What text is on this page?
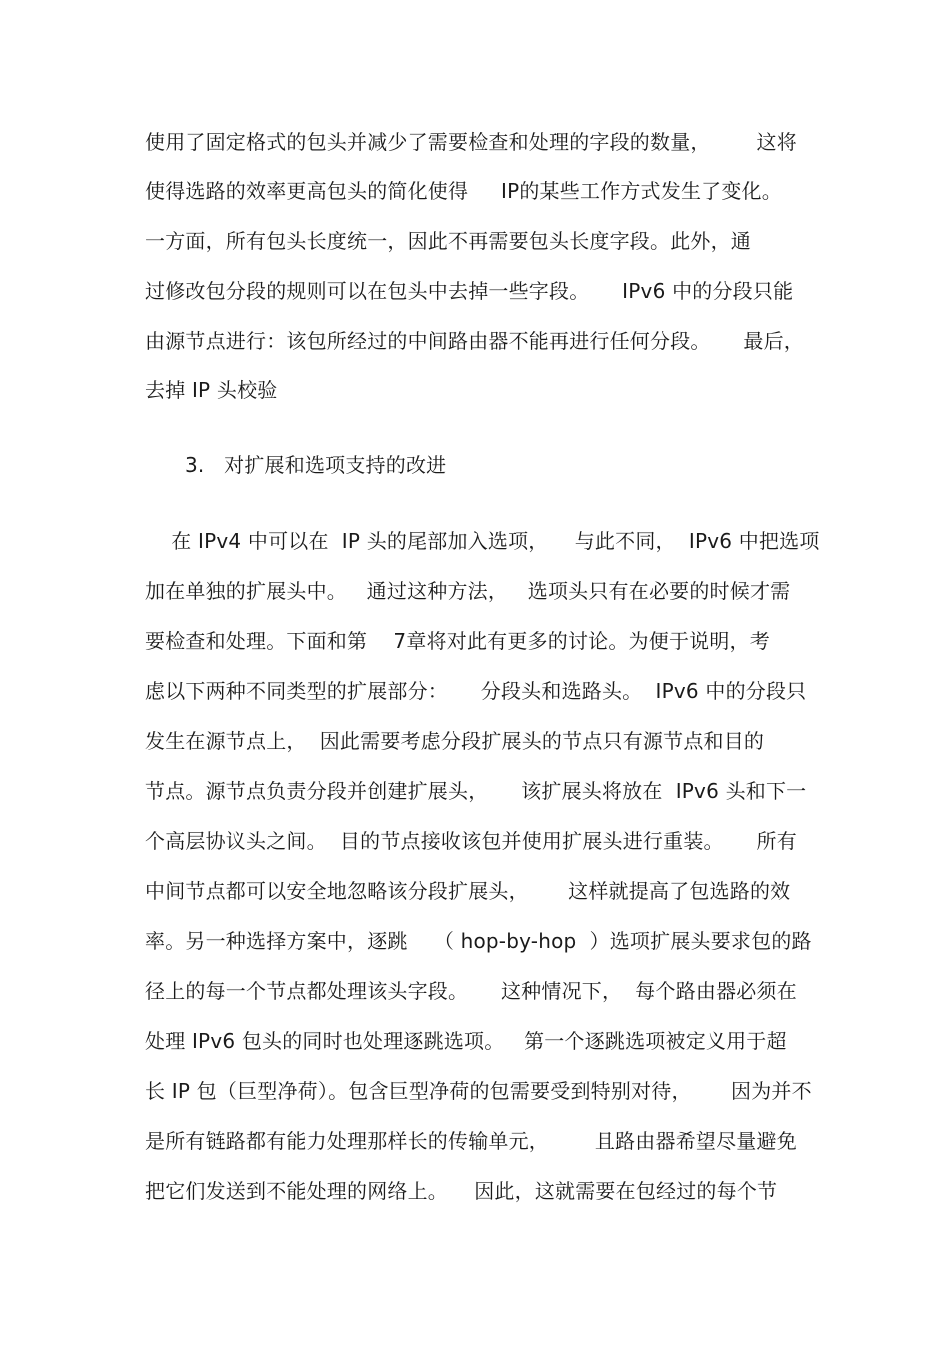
使用了固定格式的包头并减少了需要检查和处理的字段的数量，       这将
使得选路的效率更高包头的简化使得     IP的某些工作方式发生了变化。
一方面，所有包头长度统一，因此不再需要包头长度字段。此外，通
过修改包分段的规则可以在包头中去掉一些字段。     IPv6 中的分段只能
由源节点进行：该包所经过的中间路由器不能再进行任何分段。     最后，
去掉 IP 头校验
3.   对扩展和选项支持的改进
在 IPv4 中可以在  IP 头的尾部加入选项，    与此不同，  IPv6 中把选项
加在单独的扩展头中。   通过这种方法，   选项头只有在必要的时候才需
要检查和处理。下面和第    7章将对此有更多的讨论。为便于说明，考
虑以下两种不同类型的扩展部分：     分段头和选路头。  IPv6 中的分段只
发生在源节点上，  因此需要考虑分段扩展头的节点只有源节点和目的
节点。源节点负责分段并创建扩展头，     该扩展头将放在  IPv6 头和下一
个高层协议头之间。  目的节点接收该包并使用扩展头进行重装。     所有
中间节点都可以安全地忽略该分段扩展头，      这样就提高了包选路的效
率。另一种选择方案中，逐跳    （ hop-by-hop  ）选项扩展头要求包的路
径上的每一个节点都处理该头字段。     这种情况下，  每个路由器必须在
处理 IPv6 包头的同时也处理逐跳选项。   第一个逐跳选项被定义用于超
长 IP 包（巨型净荷）。包含巨型净荷的包需要受到特别对待，      因为并不
是所有链路都有能力处理那样长的传输单元，       且路由器希望尽量避免
把它们发送到不能处理的网络上。    因此，这就需要在包经过的每个节
